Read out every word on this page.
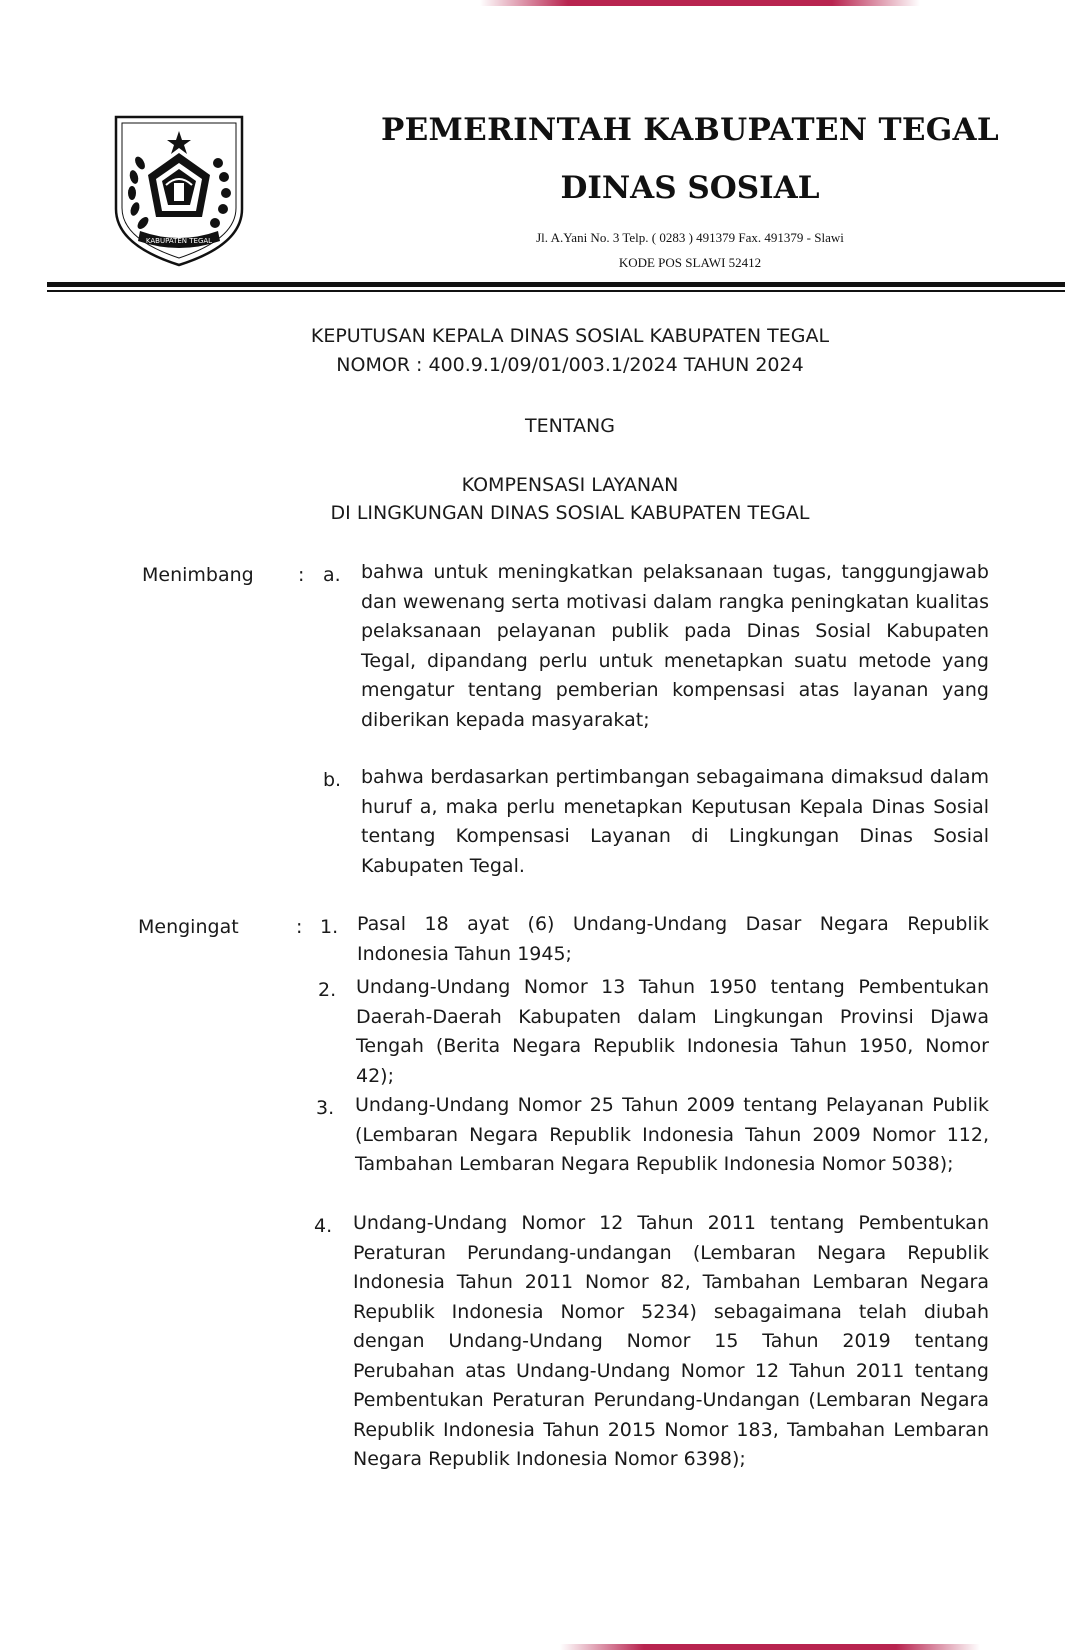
KABUPATEN TEGAL
PEMERINTAH KABUPATEN TEGAL
DINAS SOSIAL
Jl. A.Yani No. 3 Telp. ( 0283 ) 491379 Fax. 491379 - Slawi
KODE POS SLAWI 52412
KEPUTUSAN KEPALA DINAS SOSIAL KABUPATEN TEGAL
NOMOR : 400.9.1/09/01/003.1/2024 TAHUN 2024
TENTANG
KOMPENSASI LAYANAN
DI LINGKUNGAN DINAS SOSIAL KABUPATEN TEGAL
Menimbang : a. bahwa untuk meningkatkan pelaksanaan tugas, tanggungjawab dan wewenang serta motivasi dalam rangka peningkatan kualitas pelaksanaan pelayanan publik pada Dinas Sosial Kabupaten Tegal, dipandang perlu untuk menetapkan suatu metode yang mengatur tentang pemberian kompensasi atas layanan yang diberikan kepada masyarakat;
b. bahwa berdasarkan pertimbangan sebagaimana dimaksud dalam huruf a, maka perlu menetapkan Keputusan Kepala Dinas Sosial tentang Kompensasi Layanan di Lingkungan Dinas Sosial Kabupaten Tegal.
Mengingat	: 1. Pasal 18 ayat (6) Undang-Undang Dasar Negara Republik Indonesia Tahun 1945;
2. Undang-Undang Nomor 13 Tahun 1950 tentang Pembentukan Daerah-Daerah Kabupaten dalam Lingkungan Provinsi Djawa Tengah (Berita Negara Republik Indonesia Tahun 1950, Nomor 42);
3. Undang-Undang Nomor 25 Tahun 2009 tentang Pelayanan Publik (Lembaran Negara Republik Indonesia Tahun 2009 Nomor 112, Tambahan Lembaran Negara Republik Indonesia Nomor 5038);
4. Undang-Undang Nomor 12 Tahun 2011 tentang Pembentukan Peraturan Perundang-undangan (Lembaran Negara Republik Indonesia Tahun 2011 Nomor 82, Tambahan Lembaran Negara Republik Indonesia Nomor 5234) sebagaimana telah diubah dengan Undang-Undang Nomor 15 Tahun 2019 tentang Perubahan atas Undang-Undang Nomor 12 Tahun 2011 tentang Pembentukan Peraturan Perundang-Undangan (Lembaran Negara Republik Indonesia Tahun 2015 Nomor 183, Tambahan Lembaran Negara Republik Indonesia Nomor 6398);
